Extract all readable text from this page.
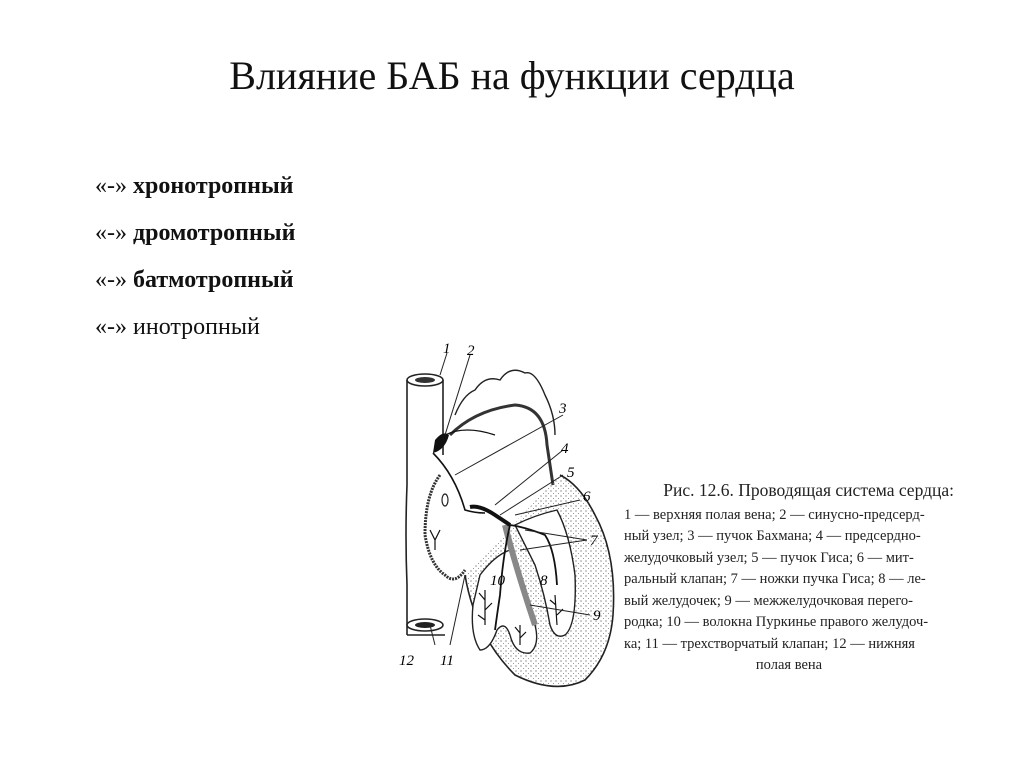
Влияние БАБ на функции сердца
«-» хронотропный
«-» дромотропный
«-» батмотропный
«-» инотропный
1 2
3
4
5
6
7
8
9
10
11
12
Рис. 12.6. Проводящая система сердца:
1 — верхняя полая вена; 2 — синусно-предсерд-
ный узел; 3 — пучок Бахмана; 4 — предсердно-
желудочковый узел; 5 — пучок Гиса; 6 — мит-
ральный клапан; 7 — ножки пучка Гиса; 8 — ле-
вый желудочек; 9 — межжелудочковая перего-
родка; 10 — волокна Пуркинье правого желудоч-
ка; 11 — трехстворчатый клапан; 12 — нижняя
полая вена
